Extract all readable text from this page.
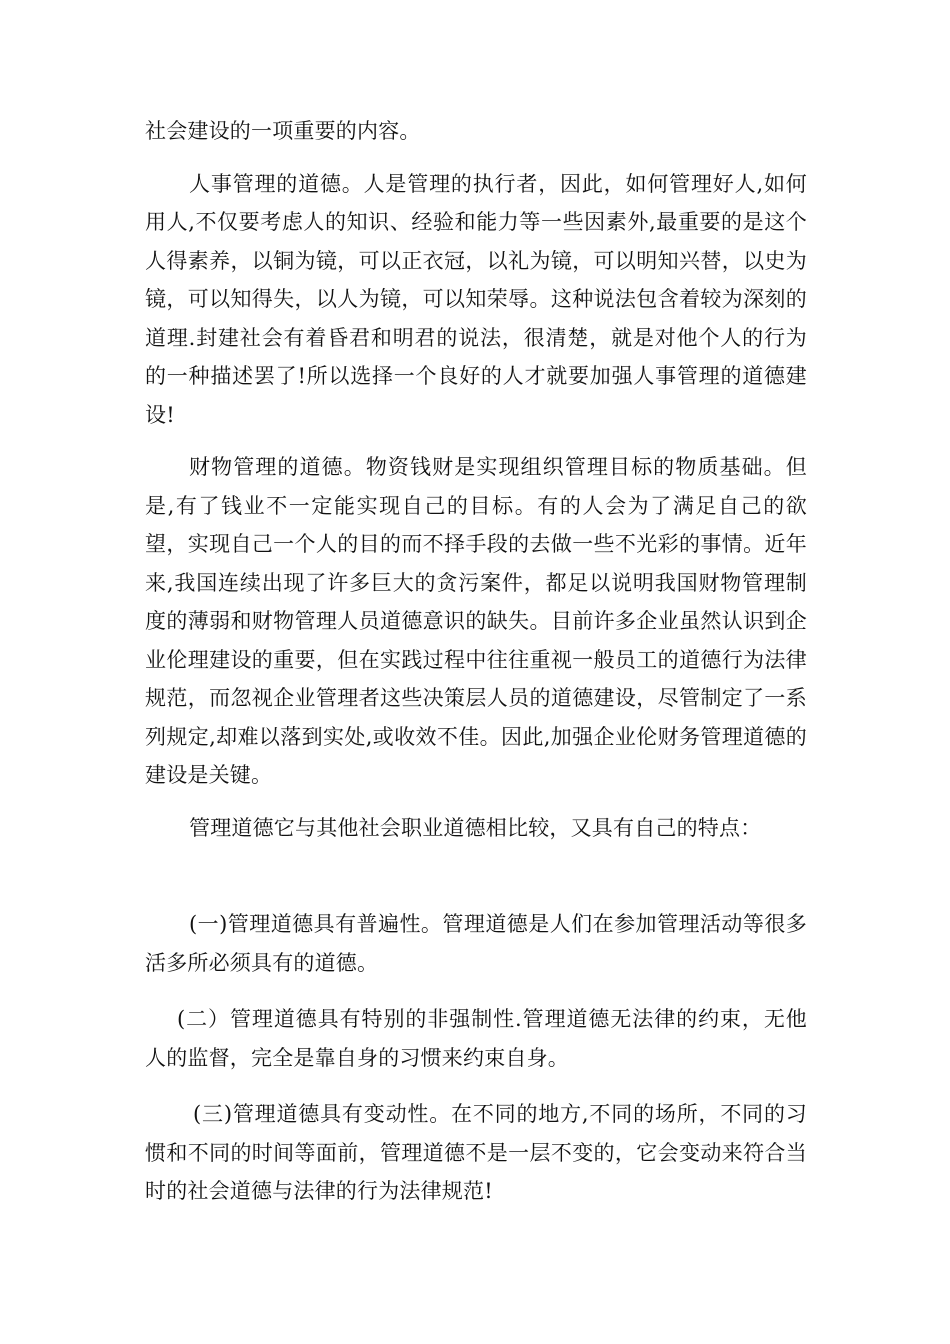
社会建设的一项重要的内容。

人事管理的道德。人是管理的执行者，因此，如何管理好人,如何用人,不仅要考虑人的知识、经验和能力等一些因素外,最重要的是这个人得素养，以铜为镜，可以正衣冠，以礼为镜，可以明知兴替，以史为镜，可以知得失，以人为镜，可以知荣辱。这种说法包含着较为深刻的道理.封建社会有着昏君和明君的说法，很清楚，就是对他个人的行为的一种描述罢了!所以选择一个良好的人才就要加强人事管理的道德建设!

财物管理的道德。物资钱财是实现组织管理目标的物质基础。但是,有了钱业不一定能实现自己的目标。有的人会为了满足自己的欲望，实现自己一个人的目的而不择手段的去做一些不光彩的事情。近年来,我国连续出现了许多巨大的贪污案件，都足以说明我国财物管理制度的薄弱和财物管理人员道德意识的缺失。目前许多企业虽然认识到企业伦理建设的重要，但在实践过程中往往重视一般员工的道德行为法律规范，而忽视企业管理者这些决策层人员的道德建设，尽管制定了一系列规定,却难以落到实处,或收效不佳。因此,加强企业伦财务管理道德的建设是关键。

管理道德它与其他社会职业道德相比较，又具有自己的特点：

(一)管理道德具有普遍性。管理道德是人们在参加管理活动等很多活多所必须具有的道德。

(二）管理道德具有特别的非强制性.管理道德无法律的约束，无他人的监督，完全是靠自身的习惯来约束自身。

(三)管理道德具有变动性。在不同的地方,不同的场所，不同的习惯和不同的时间等面前，管理道德不是一层不变的，它会变动来符合当时的社会道德与法律的行为法律规范!
